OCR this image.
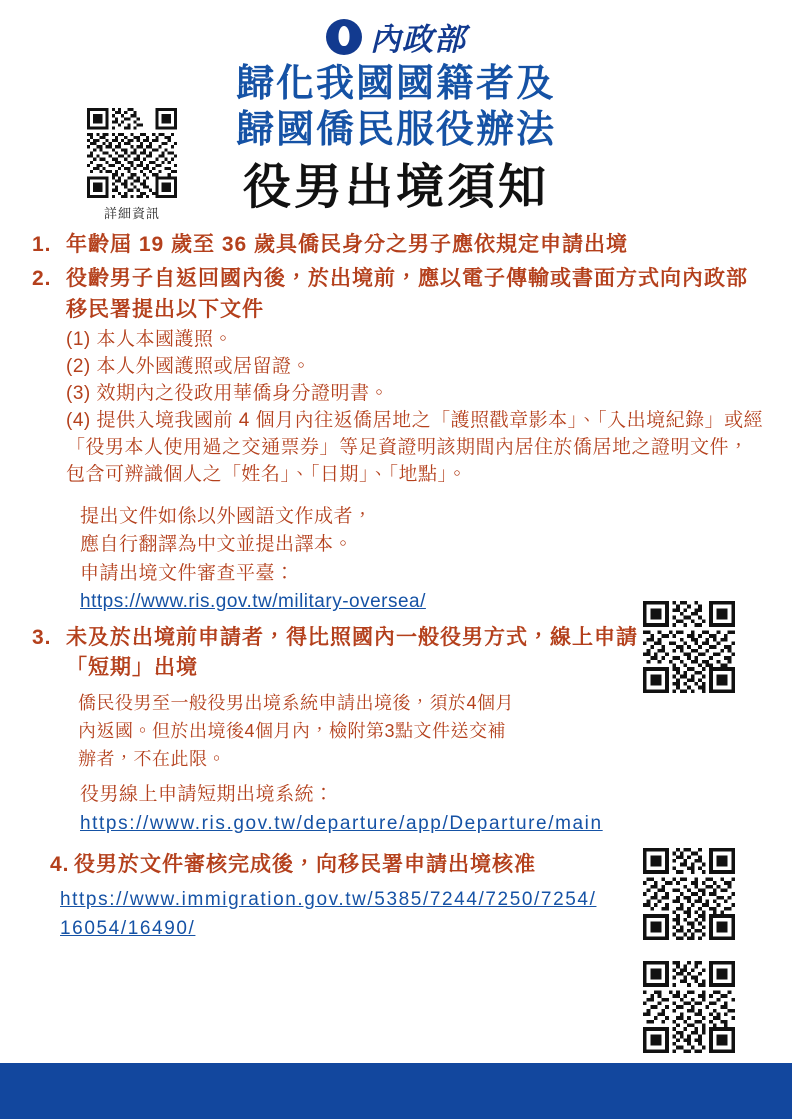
內政部
歸化我國國籍者及
歸國僑民服役辦法
役男出境須知
詳細資訊
1. 年齡屆 19 歲至 36 歲具僑民身分之男子應依規定申請出境
2. 役齡男子自返回國內後，於出境前，應以電子傳輸或書面方式向內政部移民署提出以下文件
(1) 本人本國護照。
(2) 本人外國護照或居留證。
(3) 效期內之役政用華僑身分證明書。
(4) 提供入境我國前 4 個月內往返僑居地之「護照戳章影本」、「入出境紀錄」或經「役男本人使用過之交通票券」等足資證明該期間內居住於僑居地之證明文件，包含可辨識個人之「姓名」、「日期」、「地點」。
提出文件如係以外國語文作成者，
應自行翻譯為中文並提出譯本。
申請出境文件審查平臺：
https://www.ris.gov.tw/military-oversea/
3. 未及於出境前申請者，得比照國內一般役男方式，線上申請「短期」出境
僑民役男至一般役男出境系統申請出境後，須於4個月
內返國。但於出境後4個月內，檢附第3點文件送交補
辦者，不在此限。
役男線上申請短期出境系統：
https://www.ris.gov.tw/departure/app/Departure/main
4. 役男於文件審核完成後，向移民署申請出境核准
https://www.immigration.gov.tw/5385/7244/7250/7254/16054/16490/
